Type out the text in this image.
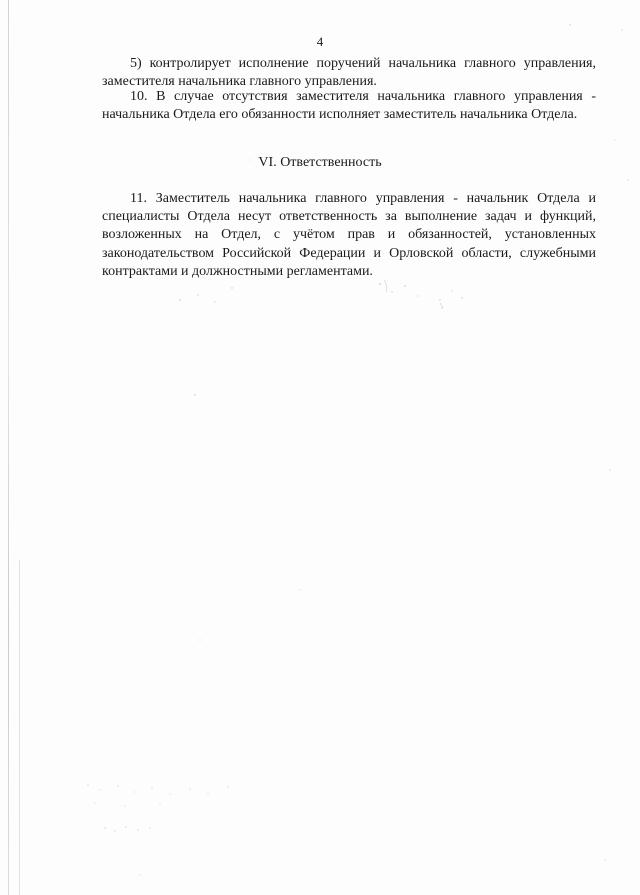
4

5) контролирует исполнение поручений начальника главного управления, заместителя начальника главного управления.

10. В случае отсутствия заместителя начальника главного управления - начальника Отдела его обязанности исполняет заместитель начальника Отдела.

VI. Ответственность

11. Заместитель начальника главного управления - начальник Отдела и специалисты Отдела несут ответственность за выполнение задач и функций, возложенных на Отдел, с учётом прав и обязанностей, установленных законодательством Российской Федерации и Орловской области, служебными контрактами и должностными регламентами.
